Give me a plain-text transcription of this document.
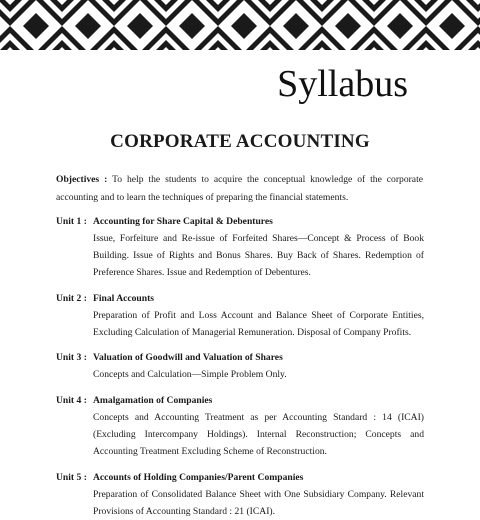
Syllabus
CORPORATE ACCOUNTING
Objectives : To help the students to acquire the conceptual knowledge of the corporate accounting and to learn the techniques of preparing the financial statements.
Unit 1 : Accounting for Share Capital & Debentures
Issue, Forfeiture and Re-issue of Forfeited Shares—Concept & Process of Book Building. Issue of Rights and Bonus Shares. Buy Back of Shares. Redemption of Preference Shares. Issue and Redemption of Debentures.
Unit 2 : Final Accounts
Preparation of Profit and Loss Account and Balance Sheet of Corporate Entities, Excluding Calculation of Managerial Remuneration. Disposal of Company Profits.
Unit 3 : Valuation of Goodwill and Valuation of Shares
Concepts and Calculation—Simple Problem Only.
Unit 4 : Amalgamation of Companies
Concepts and Accounting Treatment as per Accounting Standard : 14 (ICAI) (Excluding Intercompany Holdings). Internal Reconstruction; Concepts and Accounting Treatment Excluding Scheme of Reconstruction.
Unit 5 : Accounts of Holding Companies/Parent Companies
Preparation of Consolidated Balance Sheet with One Subsidiary Company. Relevant Provisions of Accounting Standard : 21 (ICAI).
